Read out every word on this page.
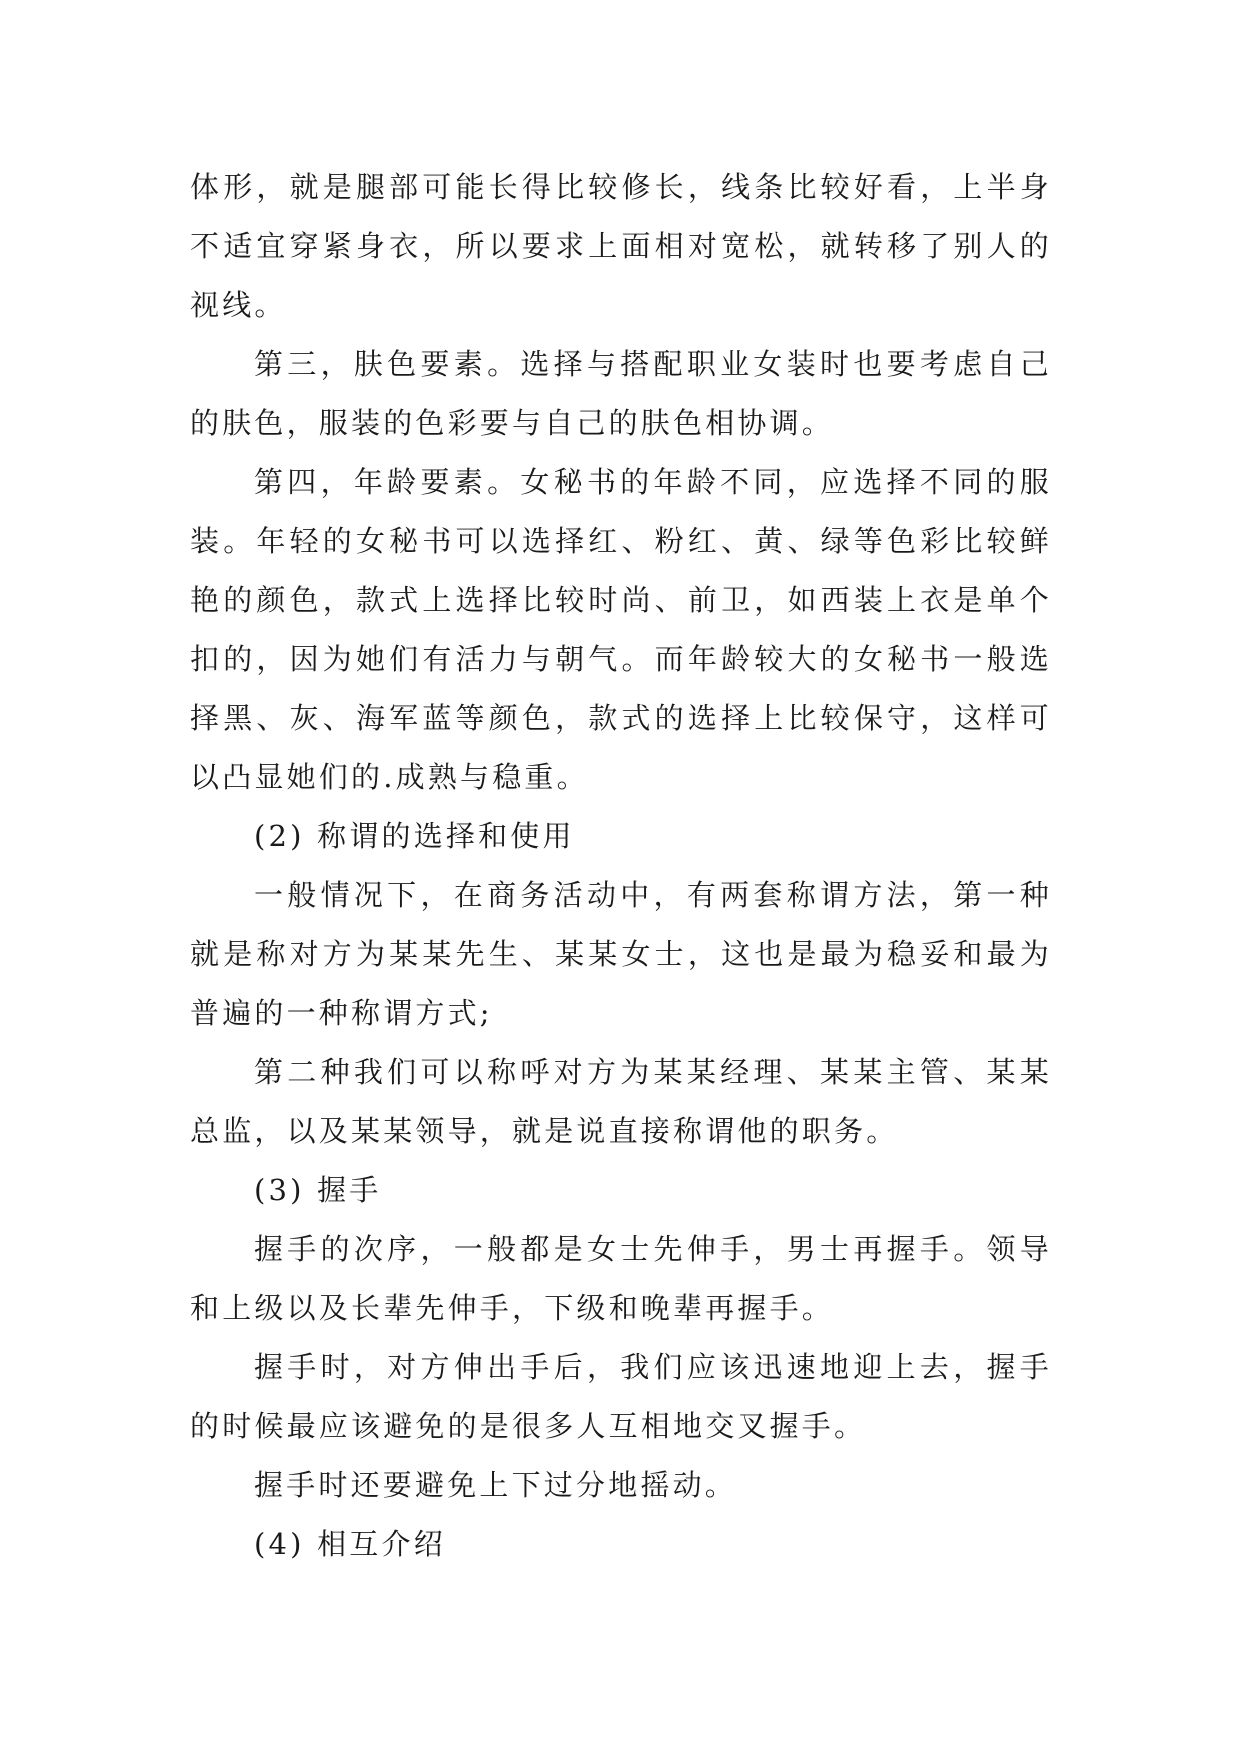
体形，就是腿部可能长得比较修长，线条比较好看，上半身不适宜穿紧身衣，所以要求上面相对宽松，就转移了别人的视线。

第三，肤色要素。选择与搭配职业女装时也要考虑自己的肤色，服装的色彩要与自己的肤色相协调。

第四，年龄要素。女秘书的年龄不同，应选择不同的服装。年轻的女秘书可以选择红、粉红、黄、绿等色彩比较鲜艳的颜色，款式上选择比较时尚、前卫，如西装上衣是单个扣的，因为她们有活力与朝气。而年龄较大的女秘书一般选择黑、灰、海军蓝等颜色，款式的选择上比较保守，这样可以凸显她们的.成熟与稳重。

(2) 称谓的选择和使用

一般情况下，在商务活动中，有两套称谓方法，第一种就是称对方为某某先生、某某女士，这也是最为稳妥和最为普遍的一种称谓方式;

第二种我们可以称呼对方为某某经理、某某主管、某某总监，以及某某领导，就是说直接称谓他的职务。

(3) 握手

握手的次序，一般都是女士先伸手，男士再握手。领导和上级以及长辈先伸手，下级和晚辈再握手。

握手时，对方伸出手后，我们应该迅速地迎上去，握手的时候最应该避免的是很多人互相地交叉握手。

握手时还要避免上下过分地摇动。

(4) 相互介绍
